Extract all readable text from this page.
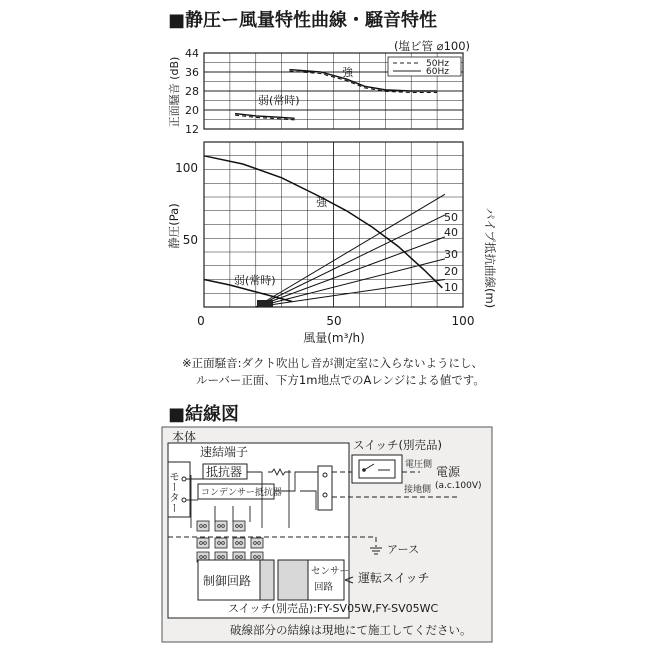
■静圧ー風量特性曲線・騒音特性
(塩ビ管 ⌀100)
44
36
28
20
12
正面騒音 (dB)	50Hz
60Hz
強
弱(常時)
100
50
0	50	100
風量(m³/h)
静圧(Pa)	パイプ抵抗曲線(m)
強
弱(常時)
50
40
30
20
10
※正面騒音:ダクト吹出し音が測定室に入らないようにし、
ルーバー正面、下方1m地点でのAレンジによる値です。
■結線図
本体
速結端子
モーター 抵抗器
コンデンサー抵抗器
制御回路
センサー
回路
運転スイッチ
スイッチ(別売品)
電圧側
接地側
電源
(a.c.100V)
アース
スイッチ(別売品):FY-SV05W,FY-SV05WC
破線部分の結線は現地にて施工してください。
